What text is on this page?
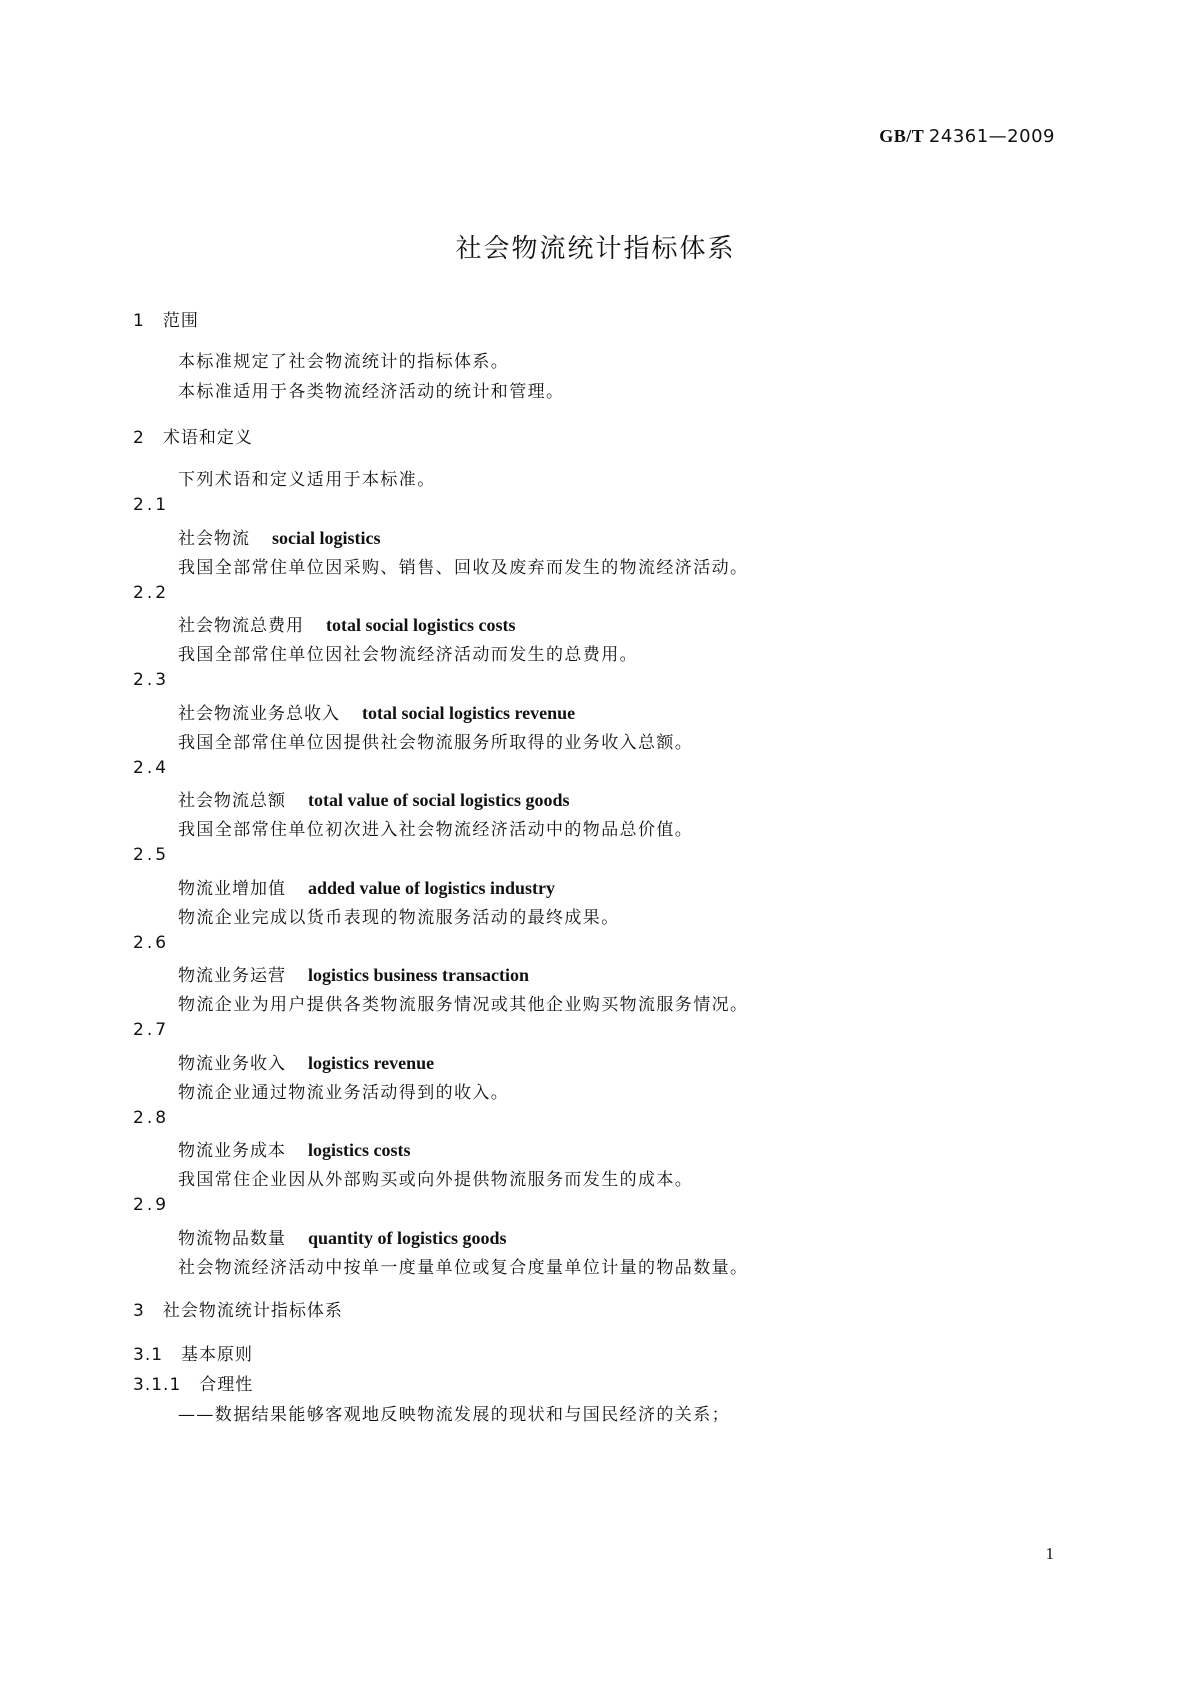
GB/T 24361—2009
社会物流统计指标体系
1 范围
本标准规定了社会物流统计的指标体系。
本标准适用于各类物流经济活动的统计和管理。
2 术语和定义
下列术语和定义适用于本标准。
2.1
社会物流 social logistics
我国全部常住单位因采购、销售、回收及废弃而发生的物流经济活动。
2.2
社会物流总费用 total social logistics costs
我国全部常住单位因社会物流经济活动而发生的总费用。
2.3
社会物流业务总收入 total social logistics revenue
我国全部常住单位因提供社会物流服务所取得的业务收入总额。
2.4
社会物流总额 total value of social logistics goods
我国全部常住单位初次进入社会物流经济活动中的物品总价值。
2.5
物流业增加值 added value of logistics industry
物流企业完成以货币表现的物流服务活动的最终成果。
2.6
物流业务运营 logistics business transaction
物流企业为用户提供各类物流服务情况或其他企业购买物流服务情况。
2.7
物流业务收入 logistics revenue
物流企业通过物流业务活动得到的收入。
2.8
物流业务成本 logistics costs
我国常住企业因从外部购买或向外提供物流服务而发生的成本。
2.9
物流物品数量 quantity of logistics goods
社会物流经济活动中按单一度量单位或复合度量单位计量的物品数量。
3 社会物流统计指标体系
3.1 基本原则
3.1.1 合理性
——数据结果能够客观地反映物流发展的现状和与国民经济的关系；
1
